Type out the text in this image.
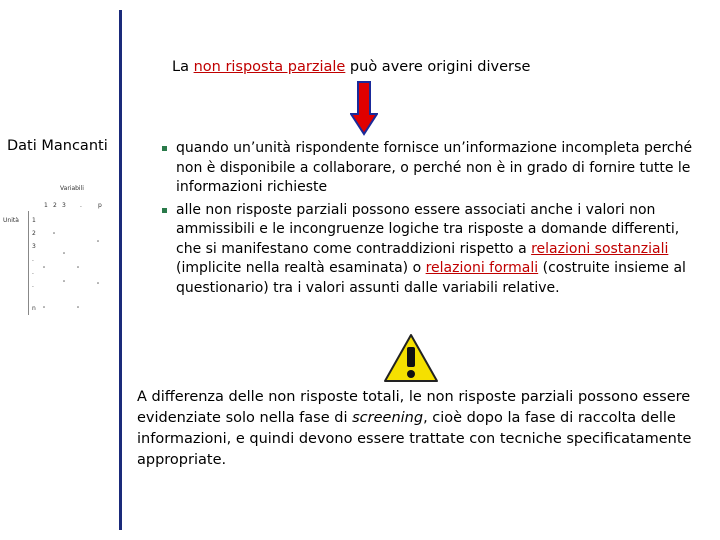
La non risposta parziale può avere origini diverse
Dati Mancanti
Variabili
1 2 3 .	p
Unità 1
2
3
.
.
.
n
quando un’unità rispondente fornisce un’informazione incompleta perché non è disponibile a collaborare, o perché non è in grado di fornire tutte le informazioni richieste
alle non risposte parziali possono essere associati anche i valori non ammissibili e le incongruenze logiche tra risposte a domande differenti, che si manifestano come contraddizioni rispetto a relazioni sostanziali (implicite nella realtà esaminata) o relazioni formali (costruite insieme al questionario) tra i valori assunti dalle variabili relative.
A differenza delle non risposte totali, le non risposte parziali possono essere evidenziate solo nella fase di screening, cioè dopo la fase di raccolta delle informazioni, e quindi devono essere trattate con tecniche specificatamente appropriate.
